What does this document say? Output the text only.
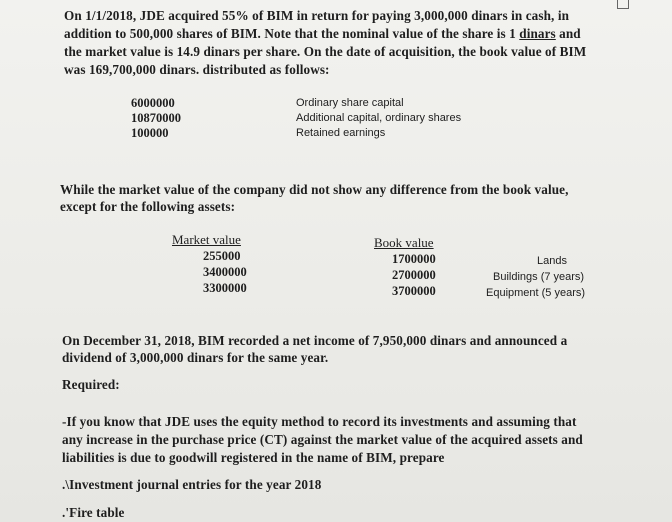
On 1/1/2018, JDE acquired 55% of BIM in return for paying 3,000,000 dinars in cash, in
addition to 500,000 shares of BIM. Note that the nominal value of the share is 1 dinars and
the market value is 14.9 dinars per share. On the date of acquisition, the book value of BIM
was 169,700,000 dinars. distributed as follows:
6000000
10870000
100000
Ordinary share capital
Additional capital, ordinary shares
Retained earnings
While the market value of the company did not show any difference from the book value,
except for the following assets:
Market value	Book value
255000
3400000
3300000
1700000
2700000
3700000
Lands
Buildings (7 years)
Equipment (5 years)
On December 31, 2018, BIM recorded a net income of 7,950,000 dinars and announced a
dividend of 3,000,000 dinars for the same year.
Required:
-If you know that JDE uses the equity method to record its investments and assuming that
any increase in the purchase price (CT) against the market value of the acquired assets and
liabilities is due to goodwill registered in the name of BIM, prepare
.\Investment journal entries for the year 2018
.'Fire table
